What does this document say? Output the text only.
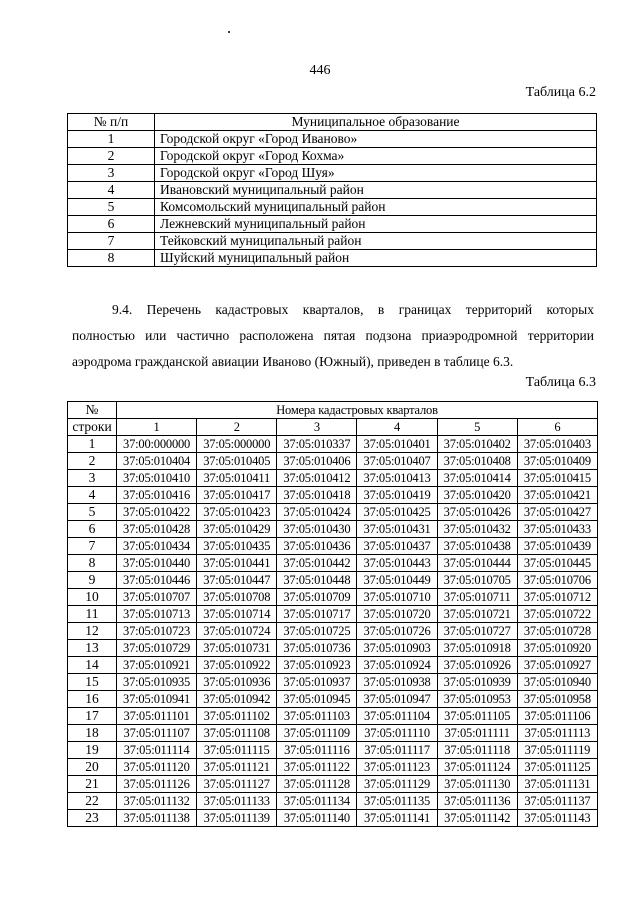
446
Таблица 6.2
№ п/п	Муниципальное образование
1	Городской округ «Город Иваново»
2	Городской округ «Город Кохма»
3	Городской округ «Город Шуя»
4	Ивановский муниципальный район
5	Комсомольский муниципальный район
6	Лежневский муниципальный район
7	Тейковский муниципальный район
8	Шуйский муниципальный район

9.4. Перечень кадастровых кварталов, в границах территорий которых

полностью или частично расположена пятая подзона приаэродромной территории

аэродрома гражданской авиации Иваново (Южный), приведен в таблице 6.3.

Таблица 6.3
№	Номера кадастровых кварталов					
строки	1	2	3	4	5	6
1	37:00:000000	37:05:000000	37:05:010337	37:05:010401	37:05:010402	37:05:010403
2	37:05:010404	37:05:010405	37:05:010406	37:05:010407	37:05:010408	37:05:010409
3	37:05:010410	37:05:010411	37:05:010412	37:05:010413	37:05:010414	37:05:010415
4	37:05:010416	37:05:010417	37:05:010418	37:05:010419	37:05:010420	37:05:010421
5	37:05:010422	37:05:010423	37:05:010424	37:05:010425	37:05:010426	37:05:010427
6	37:05:010428	37:05:010429	37:05:010430	37:05:010431	37:05:010432	37:05:010433
7	37:05:010434	37:05:010435	37:05:010436	37:05:010437	37:05:010438	37:05:010439
8	37:05:010440	37:05:010441	37:05:010442	37:05:010443	37:05:010444	37:05:010445
9	37:05:010446	37:05:010447	37:05:010448	37:05:010449	37:05:010705	37:05:010706
10	37:05:010707	37:05:010708	37:05:010709	37:05:010710	37:05:010711	37:05:010712
11	37:05:010713	37:05:010714	37:05:010717	37:05:010720	37:05:010721	37:05:010722
12	37:05:010723	37:05:010724	37:05:010725	37:05:010726	37:05:010727	37:05:010728
13	37:05:010729	37:05:010731	37:05:010736	37:05:010903	37:05:010918	37:05:010920
14	37:05:010921	37:05:010922	37:05:010923	37:05:010924	37:05:010926	37:05:010927
15	37:05:010935	37:05:010936	37:05:010937	37:05:010938	37:05:010939	37:05:010940
16	37:05:010941	37:05:010942	37:05:010945	37:05:010947	37:05:010953	37:05:010958
17	37:05:011101	37:05:011102	37:05:011103	37:05:011104	37:05:011105	37:05:011106
18	37:05:011107	37:05:011108	37:05:011109	37:05:011110	37:05:011111	37:05:011113
19	37:05:011114	37:05:011115	37:05:011116	37:05:011117	37:05:011118	37:05:011119
20	37:05:011120	37:05:011121	37:05:011122	37:05:011123	37:05:011124	37:05:011125
21	37:05:011126	37:05:011127	37:05:011128	37:05:011129	37:05:011130	37:05:011131
22	37:05:011132	37:05:011133	37:05:011134	37:05:011135	37:05:011136	37:05:011137
23	37:05:011138	37:05:011139	37:05:011140	37:05:011141	37:05:011142	37:05:011143
